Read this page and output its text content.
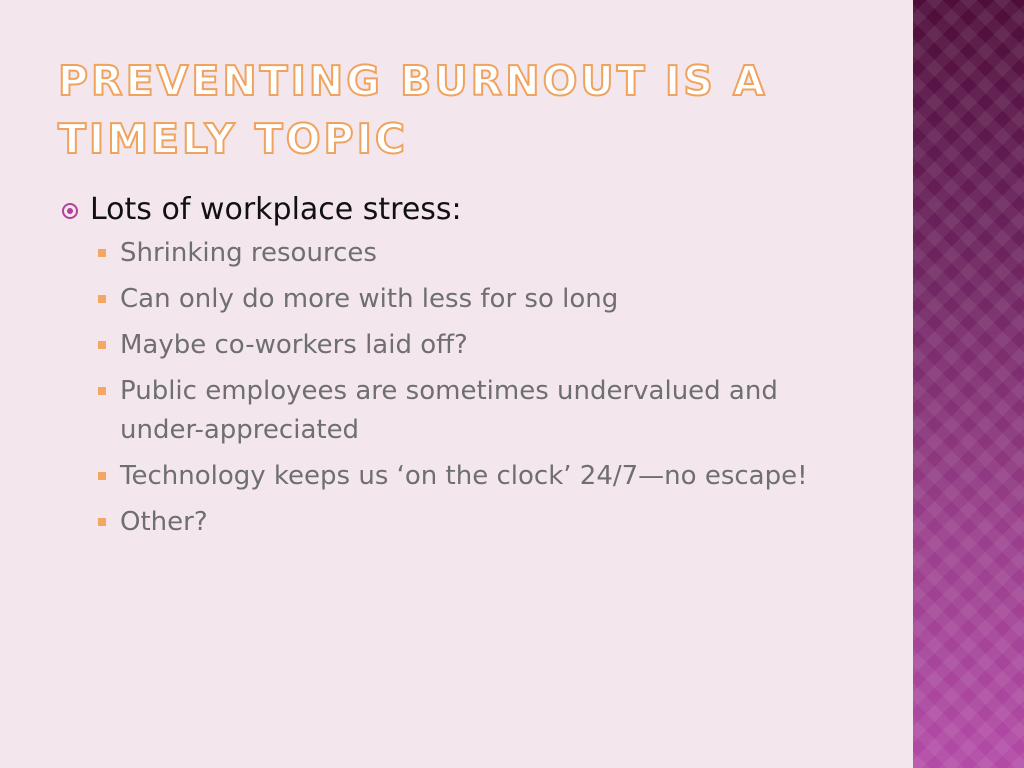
PREVENTING BURNOUT IS A TIMELY TOPIC
Lots of workplace stress:
Shrinking resources
Can only do more with less for so long
Maybe co-workers laid off?
Public employees are sometimes undervalued and under-appreciated
Technology keeps us ‘on the clock’ 24/7—no escape!
Other?
